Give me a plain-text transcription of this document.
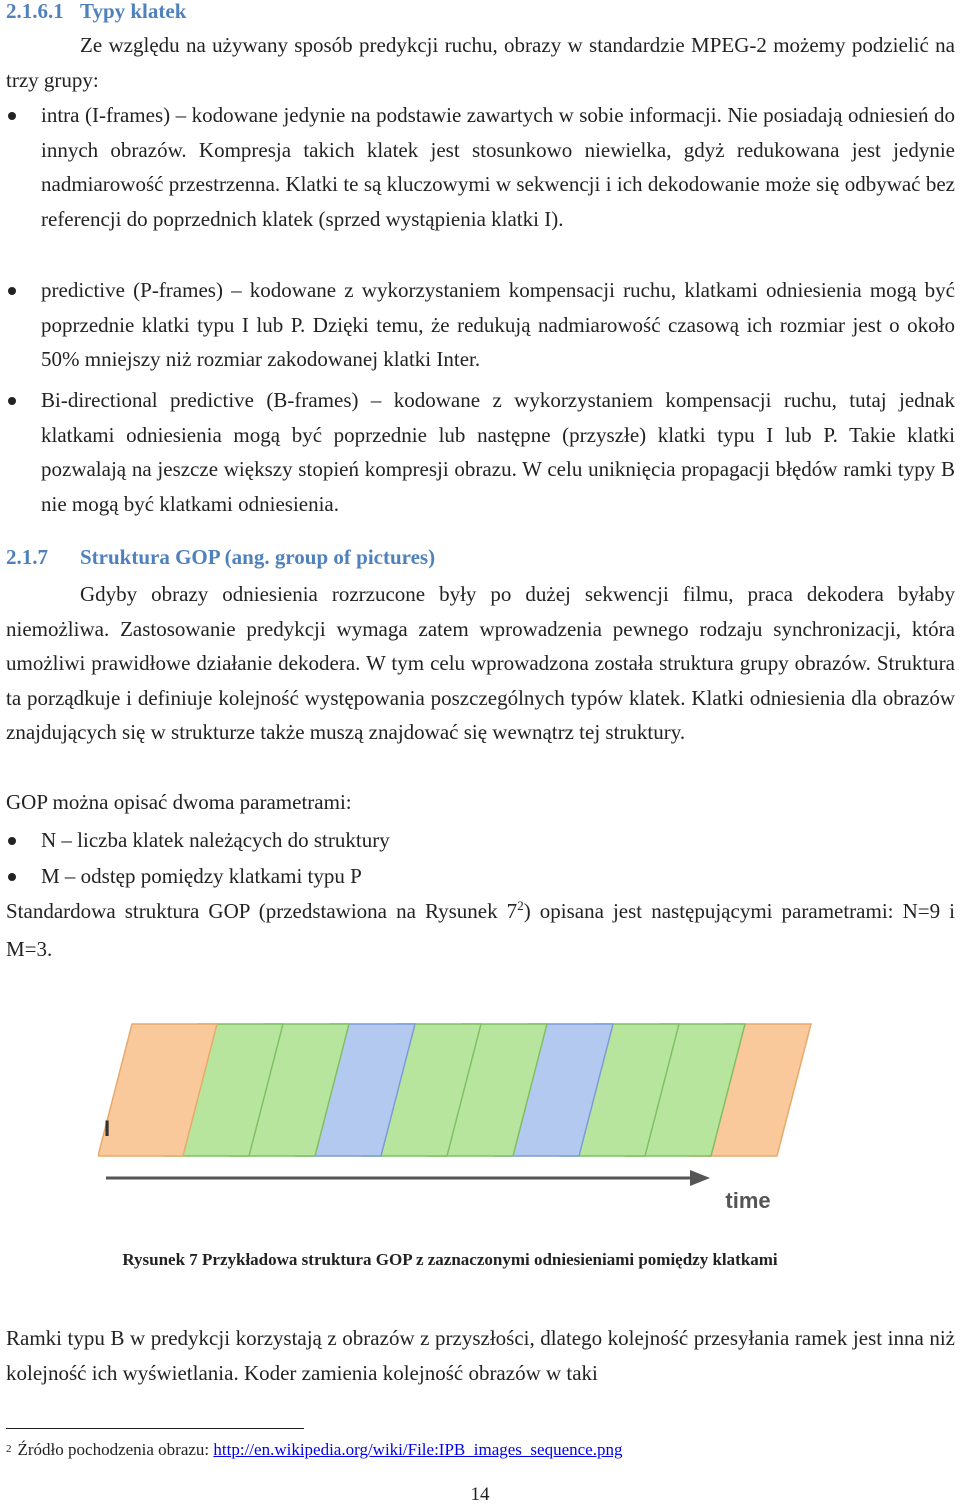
2.1.6.1 Typy klatek

Ze względu na używany sposób predykcji ruchu, obrazy w standardzie MPEG-2 możemy podzielić na trzy grupy:

intra (I-frames) – kodowane jedynie na podstawie zawartych w sobie informacji. Nie posiadają odniesień do innych obrazów. Kompresja takich klatek jest stosunkowo niewielka, gdyż redukowana jest jedynie nadmiarowość przestrzenna. Klatki te są kluczowymi w sekwencji i ich dekodowanie może się odbywać bez referencji do poprzednich klatek (sprzed wystąpienia klatki I).

predictive (P-frames) – kodowane z wykorzystaniem kompensacji ruchu, klatkami odniesienia mogą być poprzednie klatki typu I lub P. Dzięki temu, że redukują nadmiarowość czasową ich rozmiar jest o około 50% mniejszy niż rozmiar zakodowanej klatki Inter.

Bi-directional predictive (B-frames) – kodowane z wykorzystaniem kompensacji ruchu, tutaj jednak klatkami odniesienia mogą być poprzednie lub następne (przyszłe) klatki typu I lub P. Takie klatki pozwalają na jeszcze większy stopień kompresji obrazu. W celu uniknięcia propagacji błędów ramki typy B nie mogą być klatkami odniesienia.

2.1.7 Struktura GOP (ang. group of pictures)

Gdyby obrazy odniesienia rozrzucone były po dużej sekwencji filmu, praca dekodera byłaby niemożliwa. Zastosowanie predykcji wymaga zatem wprowadzenia pewnego rodzaju synchronizacji, która umożliwi prawidłowe działanie dekodera. W tym celu wprowadzona została struktura grupy obrazów. Struktura ta porządkuje i definiuje kolejność występowania poszczególnych typów klatek. Klatki odniesienia dla obrazów znajdujących się w strukturze także muszą znajdować się wewnątrz tej struktury.

GOP można opisać dwoma parametrami:

N – liczba klatek należących do struktury

M – odstęp pomiędzy klatkami typu P

Standardowa struktura GOP (przedstawiona na Rysunek 7$^2$) opisana jest następującymi parametrami: N=9 i M=3.

I
time
Rysunek 7 Przykładowa struktura GOP z zaznaczonymi odniesieniami pomiędzy klatkami

Ramki typu B w predykcji korzystają z obrazów z przyszłości, dlatego kolejność przesyłania ramek jest inna niż kolejność ich wyświetlania. Koder zamienia kolejność obrazów w taki

$^2$ Źródło pochodzenia obrazu: http://en.wikipedia.org/wiki/File:IPB_images_sequence.png
14
